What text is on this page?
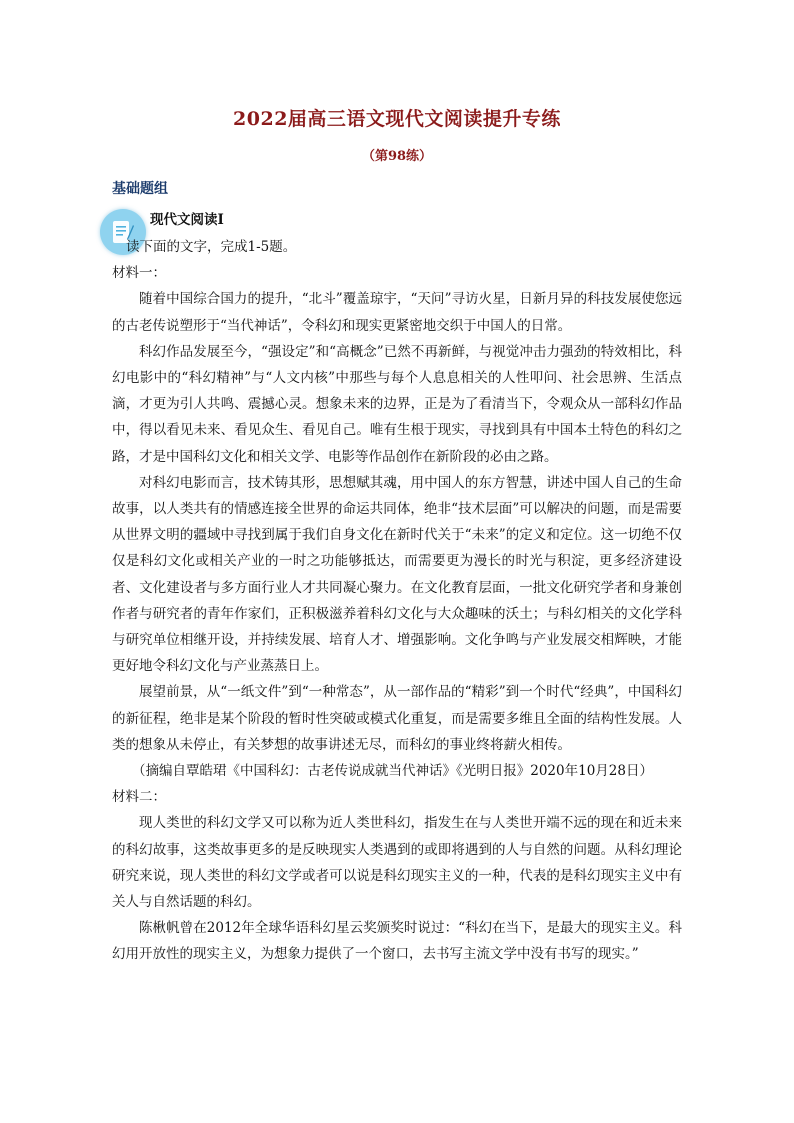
2022届高三语文现代文阅读提升专练
（第98练）
基础题组
现代文阅读Ⅰ

读下面的文字，完成1-5题。

材料一：

随着中国综合国力的提升，“北斗”覆盖琼宇，“天问”寻访火星，日新月异的科技发展使您远的古老传说塑形于“当代神话”，令科幻和现实更紧密地交织于中国人的日常。

科幻作品发展至今，“强设定”和“高概念”已然不再新鲜，与视觉冲击力强劲的特效相比，科幻电影中的“科幻精神”与“人文内核”中那些与每个人息息相关的人性叩问、社会思辨、生活点滴，才更为引人共鸣、震撼心灵。想象未来的边界，正是为了看清当下，令观众从一部科幻作品中，得以看见未来、看见众生、看见自己。唯有生根于现实，寻找到具有中国本土特色的科幻之路，才是中国科幻文化和相关文学、电影等作品创作在新阶段的必由之路。

对科幻电影而言，技术铸其形，思想赋其魂，用中国人的东方智慧，讲述中国人自己的生命故事，以人类共有的情感连接全世界的命运共同体，绝非“技术层面”可以解决的问题，而是需要从世界文明的疆域中寻找到属于我们自身文化在新时代关于“未来”的定义和定位。这一切绝不仅仅是科幻文化或相关产业的一时之功能够抵达，而需要更为漫长的时光与积淀，更多经济建设者、文化建设者与多方面行业人才共同凝心聚力。在文化教育层面，一批文化研究学者和身兼创作者与研究者的青年作家们，正积极滋养着科幻文化与大众趣味的沃土；与科幻相关的文化学科与研究单位相继开设，并持续发展、培育人才、增强影响。文化争鸣与产业发展交相辉映，才能更好地令科幻文化与产业蒸蒸日上。

展望前景，从“一纸文件”到“一种常态”，从一部作品的“精彩”到一个时代“经典”，中国科幻的新征程，绝非是某个阶段的暂时性突破或模式化重复，而是需要多维且全面的结构性发展。人类的想象从未停止，有关梦想的故事讲述无尽，而科幻的事业终将薪火相传。

（摘编自覃皓珺《中国科幻：古老传说成就当代神话》《光明日报》2020年10月28日）

材料二：

现人类世的科幻文学又可以称为近人类世科幻，指发生在与人类世开端不远的现在和近未来的科幻故事，这类故事更多的是反映现实人类遇到的或即将遇到的人与自然的问题。从科幻理论研究来说，现人类世的科幻文学或者可以说是科幻现实主义的一种，代表的是科幻现实主义中有关人与自然话题的科幻。

陈楸帆曾在2012年全球华语科幻星云奖颁奖时说过：“科幻在当下，是最大的现实主义。科幻用开放性的现实主义，为想象力提供了一个窗口，去书写主流文学中没有书写的现实。”
